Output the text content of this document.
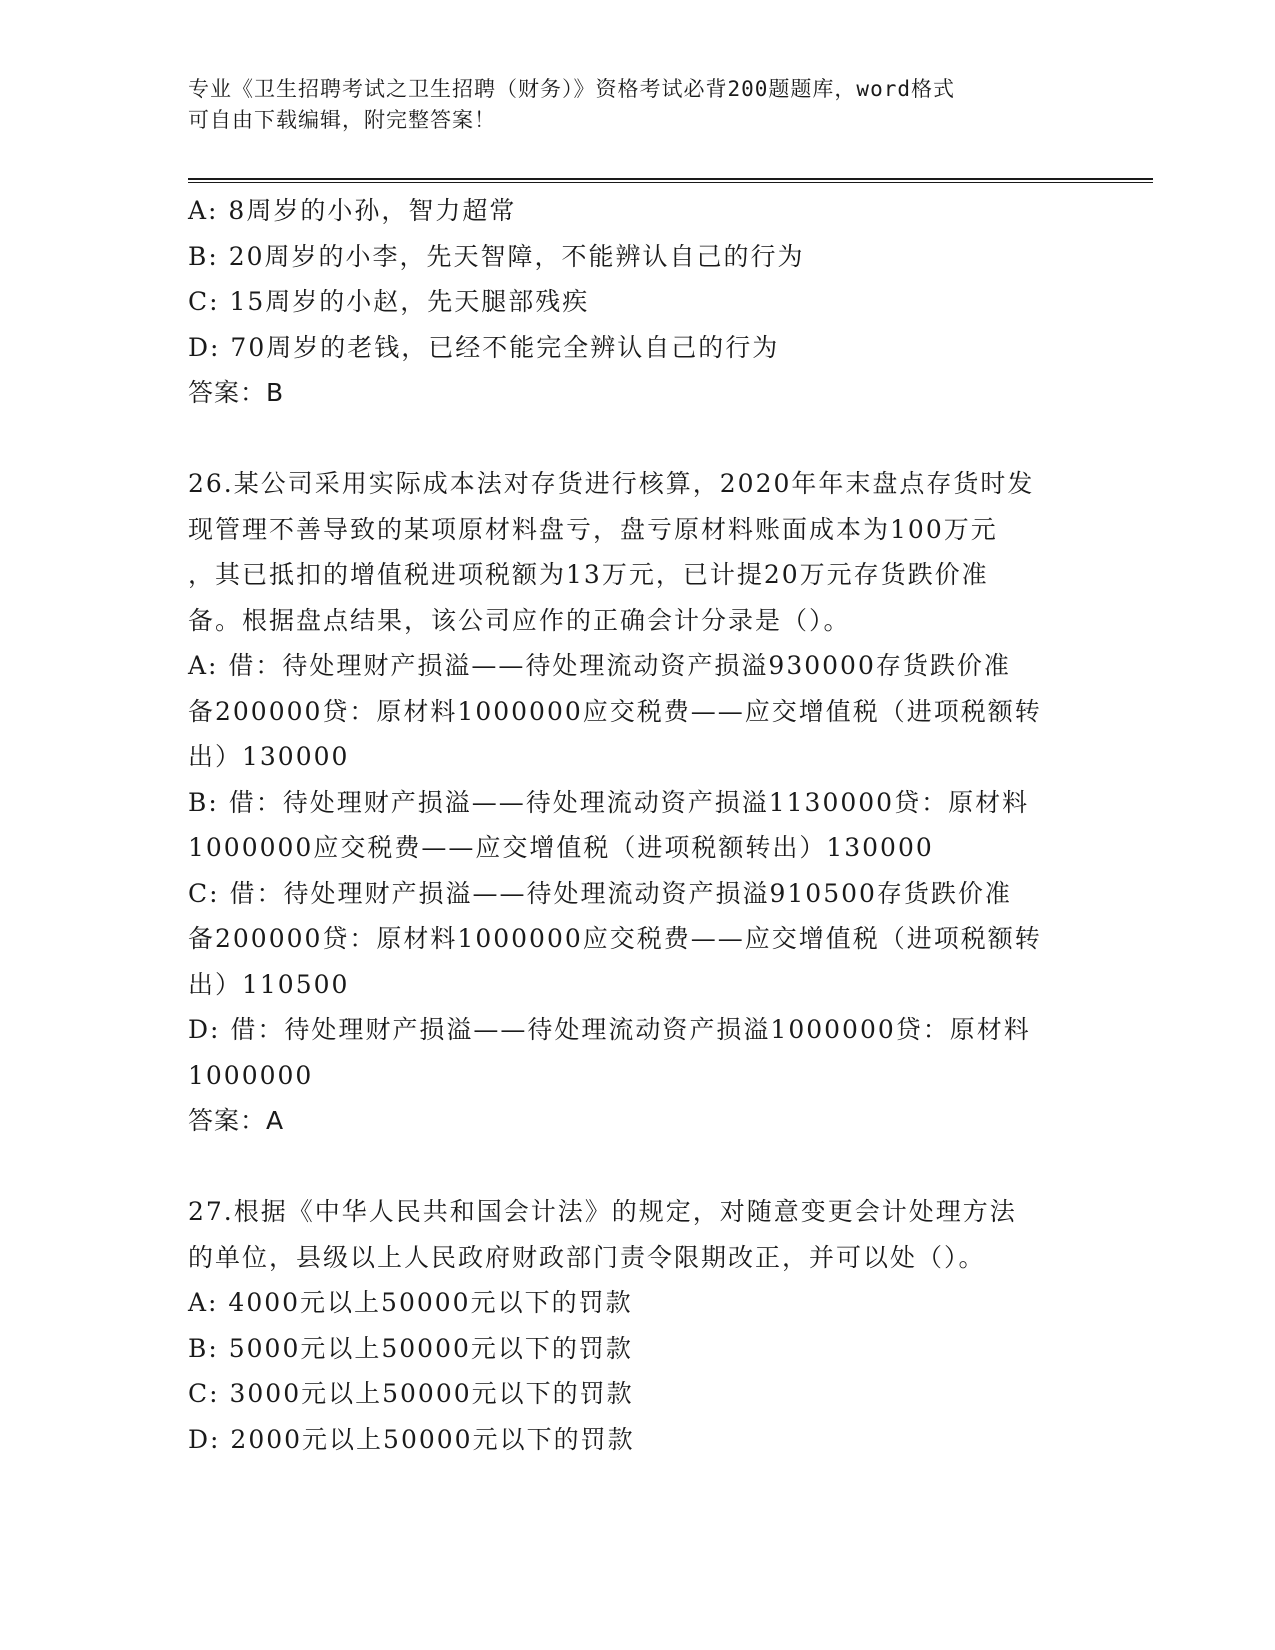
专业《卫生招聘考试之卫生招聘（财务）》资格考试必背200题题库，word格式
可自由下载编辑，附完整答案！
A: 8周岁的小孙，智力超常
B: 20周岁的小李，先天智障，不能辨认自己的行为
C: 15周岁的小赵，先天腿部残疾
D: 70周岁的老钱，已经不能完全辨认自己的行为
答案：B
26.某公司采用实际成本法对存货进行核算，2020年年末盘点存货时发
现管理不善导致的某项原材料盘亏，盘亏原材料账面成本为100万元
，其已抵扣的增值税进项税额为13万元，已计提20万元存货跌价准
备。根据盘点结果，该公司应作的正确会计分录是（）。
A: 借：待处理财产损溢——待处理流动资产损溢930000存货跌价准
备200000贷：原材料1000000应交税费——应交增值税（进项税额转
出）130000
B: 借：待处理财产损溢——待处理流动资产损溢1130000贷：原材料
1000000应交税费——应交增值税（进项税额转出）130000
C: 借：待处理财产损溢——待处理流动资产损溢910500存货跌价准
备200000贷：原材料1000000应交税费——应交增值税（进项税额转
出）110500
D: 借：待处理财产损溢——待处理流动资产损溢1000000贷：原材料
1000000
答案：A
27.根据《中华人民共和国会计法》的规定，对随意变更会计处理方法
的单位，县级以上人民政府财政部门责令限期改正，并可以处（）。
A: 4000元以上50000元以下的罚款
B: 5000元以上50000元以下的罚款
C: 3000元以上50000元以下的罚款
D: 2000元以上50000元以下的罚款
